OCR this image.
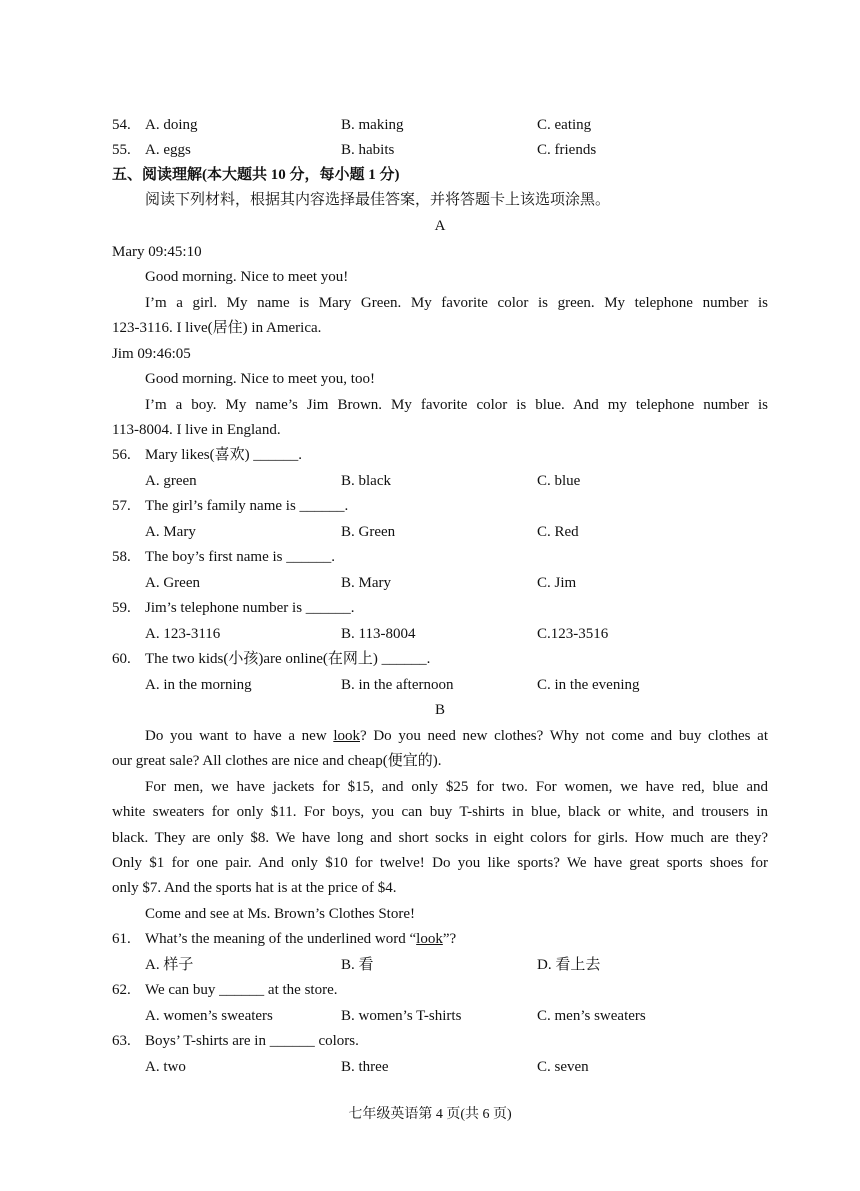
54. A. doing	B. making	C. eating
55. A. eggs	B. habits	C. friends
五、阅读理解(本大题共 10 分，每小题 1 分)
阅读下列材料，根据其内容选择最佳答案，并将答题卡上该选项涂黑。
A
Mary 09:45:10
Good morning. Nice to meet you!
I’m a girl. My name is Mary Green. My favorite color is green. My telephone number is
123-3116. I live(居住) in America.
Jim 09:46:05
Good morning. Nice to meet you, too!
I’m a boy. My name’s Jim Brown. My favorite color is blue. And my telephone number is
113-8004. I live in England.
56. Mary likes(喜欢) ______.
A. green	B. black	C. blue
57. The girl’s family name is ______.
A. Mary	B. Green	C. Red
58. The boy’s first name is ______.
A. Green	B. Mary	C. Jim
59. Jim’s telephone number is ______.
A. 123-3116	B. 113-8004	C.123-3516
60. The two kids(小孩)are online(在网上) ______.
A. in the morning	B. in the afternoon	C. in the evening
B
Do you want to have a new look? Do you need new clothes? Why not come and buy clothes at
our great sale? All clothes are nice and cheap(便宜的).
For men, we have jackets for $15, and only $25 for two. For women, we have red, blue and
white sweaters for only $11. For boys, you can buy T-shirts in blue, black or white, and trousers in
black. They are only $8. We have long and short socks in eight colors for girls. How much are they?
Only $1 for one pair. And only $10 for twelve! Do you like sports? We have great sports shoes for
only $7. And the sports hat is at the price of $4.
Come and see at Ms. Brown’s Clothes Store!
61. What’s the meaning of the underlined word “look”?
A. 样子	B. 看	D. 看上去
62. We can buy ______ at the store.
A. women’s sweaters	B. women’s T-shirts	C. men’s sweaters
63. Boys’ T-shirts are in ______ colors.
A. two	B. three	C. seven
七年级英语第 4 页(共 6 页)
